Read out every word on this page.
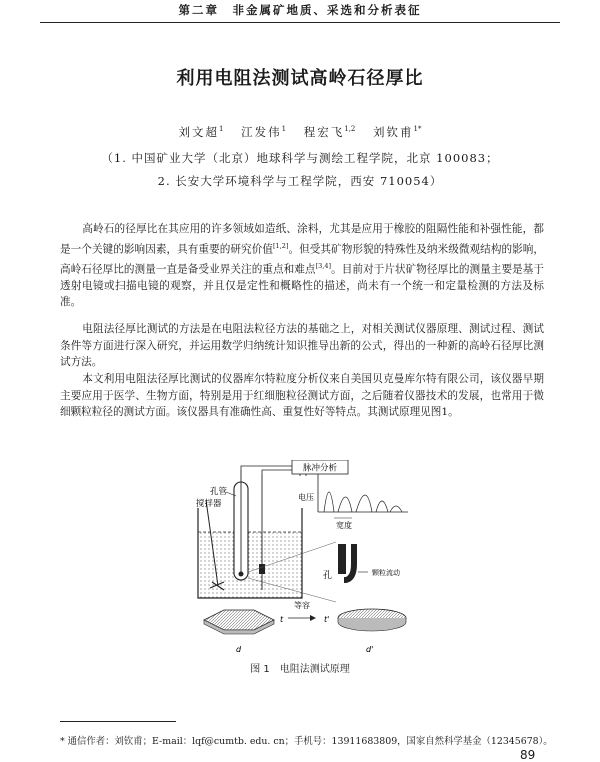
第二章　非金属矿地质、采选和分析表征
利用电阻法测试高岭石径厚比
刘文超$^1$ 江发伟$^1$ 程宏飞$^{1,2}$ 刘钦甫$^{1*}$
（1. 中国矿业大学（北京）地球科学与测绘工程学院，北京 100083；
2. 长安大学环境科学与工程学院，西安 710054）

高岭石的径厚比在其应用的许多领域如造纸、涂料，尤其是应用于橡胶的阻隔性能和补强性能，都是一个关键的影响因素，具有重要的研究价值[1,2]。但受其矿物形貌的特殊性及纳米级微观结构的影响，高岭石径厚比的测量一直是备受业界关注的重点和难点[3,4]。目前对于片状矿物径厚比的测量主要是基于透射电镜或扫描电镜的观察，并且仅是定性和概略性的描述，尚未有一个统一和定量检测的方法及标准。

电阻法径厚比测试的方法是在电阻法粒径方法的基础之上，对相关测试仪器原理、测试过程、测试条件等方面进行深入研究，并运用数学归纳统计知识推导出新的公式，得出的一种新的高岭石径厚比测试方法。

本文利用电阻法径厚比测试的仪器库尔特粒度分析仪来自美国贝克曼库尔特有限公司，该仪器早期主要应用于医学、生物方面，特别是用于红细胞粒径测试方面，之后随着仪器技术的发展，也常用于微细颗粒粒径的测试方面。该仪器具有准确性高、重复性好等特点。其测试原理见图1。

脉冲分析
孔管
搅拌器
电压
宽度
孔	颗粒流动
t
d
等容
t'
d'
图 1　电阻法测试原理
* 通信作者：刘钦甫；E-mail：lqf@cumtb. edu. cn；手机号：13911683809，国家自然科学基金（12345678）。
89
